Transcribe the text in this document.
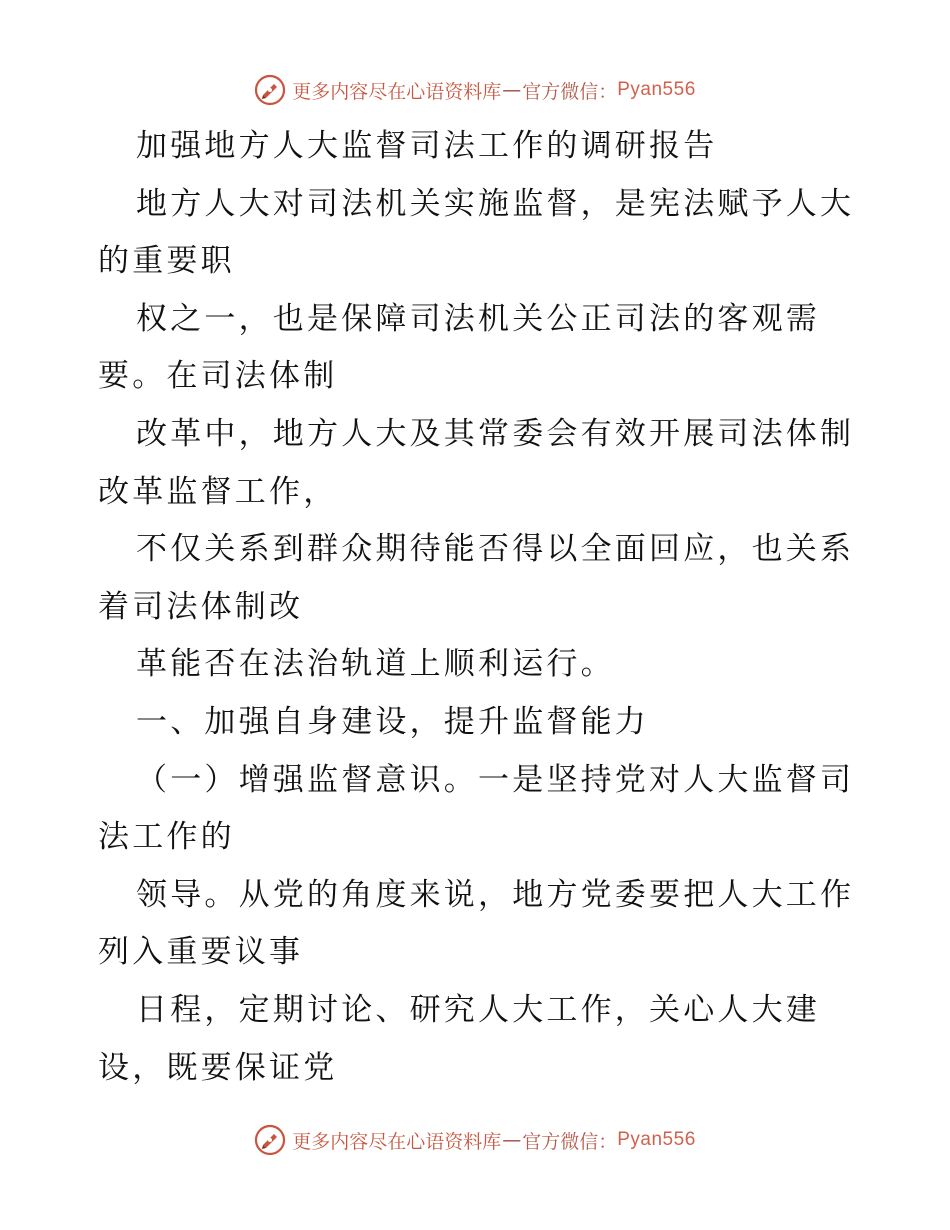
更多内容尽在心语资料库 — 官方微信： Pyan556
加强地方人大监督司法工作的调研报告
地方人大对司法机关实施监督，是宪法赋予人大
的重要职
权之一，也是保障司法机关公正司法的客观需
要。在司法体制
改革中，地方人大及其常委会有效开展司法体制
改革监督工作，
不仅关系到群众期待能否得以全面回应，也关系
着司法体制改
革能否在法治轨道上顺利运行。
一、加强自身建设，提升监督能力
（一）增强监督意识。一是坚持党对人大监督司
法工作的
领导。从党的角度来说，地方党委要把人大工作
列入重要议事
日程，定期讨论、研究人大工作，关心人大建
设，既要保证党
更多内容尽在心语资料库 — 官方微信： Pyan556
